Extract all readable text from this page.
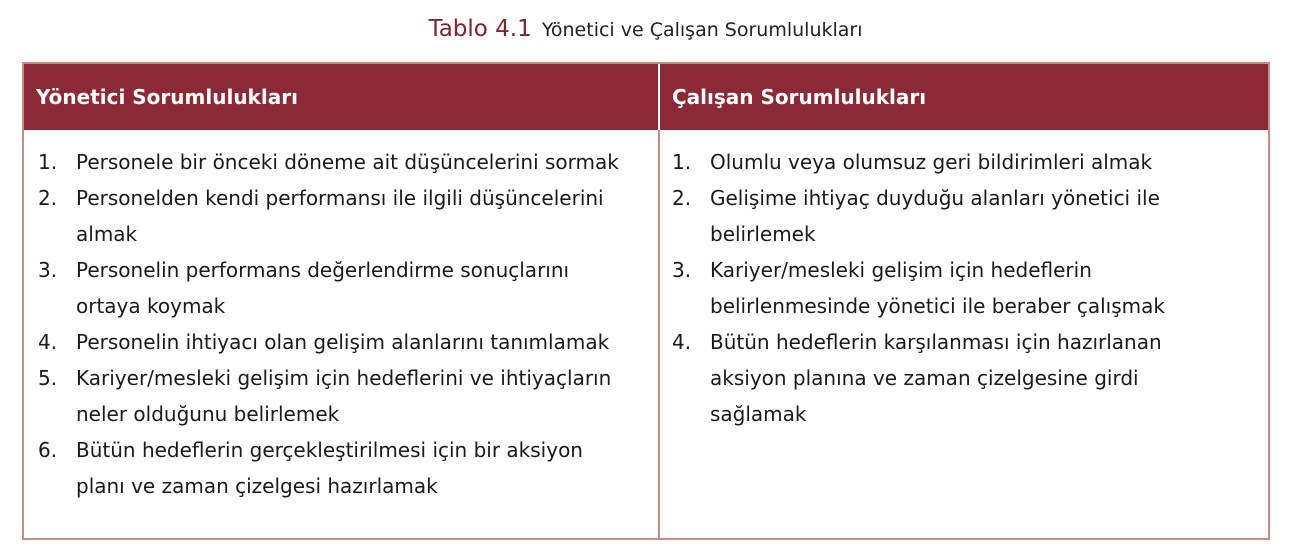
Tablo 4.1 Yönetici ve Çalışan Sorumlulukları
Yönetici Sorumlulukları	Çalışan Sorumlulukları
1. Personele bir önceki döneme ait düşüncelerini sormak
2. Personelden kendi performansı ile ilgili düşüncelerini almak
3. Personelin performans değerlendirme sonuçlarını ortaya koymak
4. Personelin ihtiyacı olan gelişim alanlarını tanımlamak
5. Kariyer/mesleki gelişim için hedeflerini ve ihtiyaçların neler olduğunu belirlemek
6. Bütün hedeflerin gerçekleştirilmesi için bir aksiyon planı ve zaman çizelgesi hazırlamak
1. Olumlu veya olumsuz geri bildirimleri almak
2. Gelişime ihtiyaç duyduğu alanları yönetici ile belirlemek
3. Kariyer/mesleki gelişim için hedeflerin belirlenmesinde yönetici ile beraber çalışmak
4. Bütün hedeflerin karşılanması için hazırlanan aksiyon planına ve zaman çizelgesine girdi sağlamak
